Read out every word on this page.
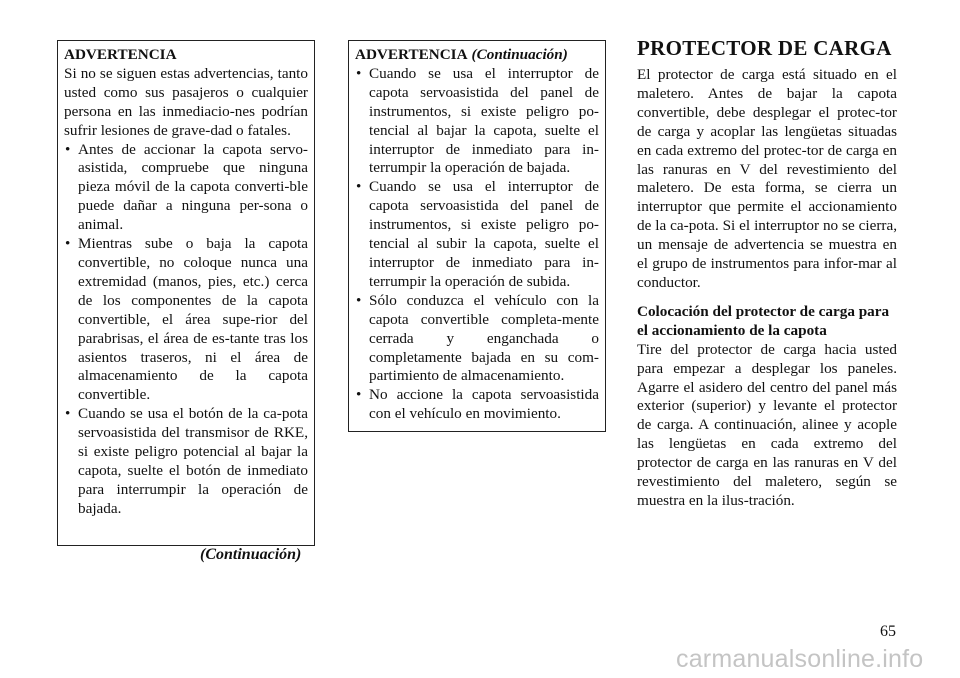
ADVERTENCIA

Si no se siguen estas advertencias, tanto usted como sus pasajeros o cualquier persona en las inmediacio-nes podrían sufrir lesiones de grave-dad o fatales.

• Antes de accionar la capota servo-asistida, compruebe que ninguna pieza móvil de la capota converti-ble puede dañar a ninguna per-sona o animal.
• Mientras sube o baja la capota convertible, no coloque nunca una extremidad (manos, pies, etc.) cerca de los componentes de la capota convertible, el área supe-rior del parabrisas, el área de es-tante tras los asientos traseros, ni el área de almacenamiento de la capota convertible.
• Cuando se usa el botón de la ca-pota servoasistida del transmisor de RKE, si existe peligro potencial al bajar la capota, suelte el botón de inmediato para interrumpir la operación de bajada.
(Continuación)
ADVERTENCIA (Continuación)
• Cuando se usa el interruptor de capota servoasistida del panel de instrumentos, si existe peligro po-tencial al bajar la capota, suelte el interruptor de inmediato para in-terrumpir la operación de bajada.
• Cuando se usa el interruptor de capota servoasistida del panel de instrumentos, si existe peligro po-tencial al subir la capota, suelte el interruptor de inmediato para in-terrumpir la operación de subida.
• Sólo conduzca el vehículo con la capota convertible completa-mente cerrada y enganchada o completamente bajada en su com-partimiento de almacenamiento.
• No accione la capota servoasistida con el vehículo en movimiento.
PROTECTOR DE CARGA

El protector de carga está situado en el maletero. Antes de bajar la capota convertible, debe desplegar el protec-tor de carga y acoplar las lengüetas situadas en cada extremo del protec-tor de carga en las ranuras en V del revestimiento del maletero. De esta forma, se cierra un interruptor que permite el accionamiento de la ca-pota. Si el interruptor no se cierra, un mensaje de advertencia se muestra en el grupo de instrumentos para infor-mar al conductor.

Colocación del protector de carga para el accionamiento de la capota

Tire del protector de carga hacia usted para empezar a desplegar los paneles. Agarre el asidero del centro del panel más exterior (superior) y levante el protector de carga. A continuación, alinee y acople las lengüetas en cada extremo del protector de carga en las ranuras en V del revestimiento del maletero, según se muestra en la ilus-tración.

65
carmanualsonline.info
